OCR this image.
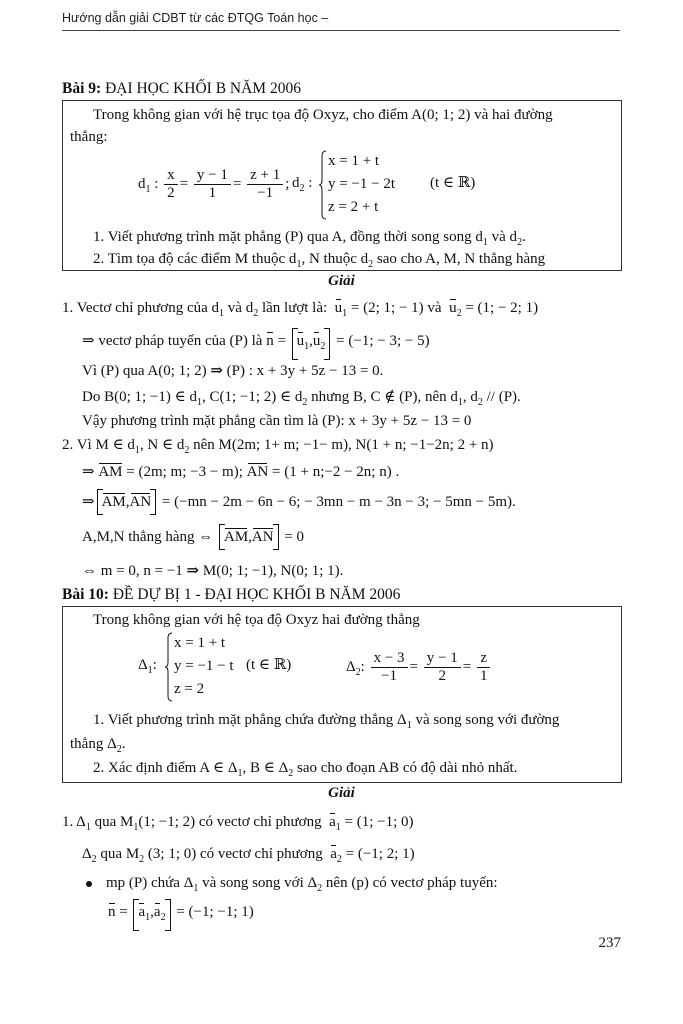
Hướng dẫn giải CDBT từ các ĐTQG Toán học –
Bài 9: ĐẠI HỌC KHỐI B NĂM 2006
Trong không gian với hệ trục tọa độ Oxyz, cho điểm A(0; 1; 2) và hai đường
thẳng:
$d_1$ : $\frac{x}{2} = \frac{y - 1}{1} = \frac{z + 1}{-1}$ ; $d_2$ :
x = 1 + t
y = −1 − 2t
z = 2 + t
(t ∈ ℝ)
1. Viết phương trình mặt phẳng (P) qua A, đồng thời song song $d_1$ và $d_2$.
2. Tìm tọa độ các điểm M thuộc $d_1$, N thuộc $d_2$ sao cho A, M, N thẳng hàng
Giải
1. Vectơ chỉ phương của $d_1$ và $d_2$ lần lượt là: $u_1 = (2$; 1; − 1) và $u_2 = (1$; − 2; 1)
⇒ vectơ pháp tuyến của (P) là $n = u_1,u_2 = (-1$; − 3; − 5)
Vì (P) qua A(0; 1; 2) ⇒ (P) : x + 3y + 5z − 13 = 0.
Do B(0; 1; −1) ∈ $d_1$, C(1; −1; 2) ∈ $d_2$ nhưng B, C ∉ (P), nên $d_1$, $d_2 // (P)$.
Vậy phương trình mặt phẳng cần tìm là (P): x + 3y + 5z − 13 = 0
2. Vì M ∈ $d_1$, N ∈ $d_2$ nên M(2m; 1+ m; −1− m), N(1 + n; −1−2n; 2 + n)
⇒ AM = (2m; m; −3 − m); AN = (1 + n;−2 − 2n; n) .
⇒ AM,AN = (−mn − 2m − 6n − 6; − 3mn − m − 3n − 3; − 5mn − 5m).
A,M,N thẳng hàng ⇔ AM,AN = 0
⇔ m = 0, n = −1 ⇒ M(0; 1; −1), N(0; 1; 1).
Bài 10: ĐỀ DỰ BỊ 1 - ĐẠI HỌC KHỐI B NĂM 2006
Trong không gian với hệ tọa độ Oxyz hai đường thẳng
$\Delta_1$:
x = 1 + t
y = −1 − t
z = 2
(t ∈ ℝ)	$\Delta_2$: $\frac{x - 3}{-1} = \frac{y - 1}{2} = \frac{z}{1}$
1. Viết phương trình mặt phẳng chứa đường thẳng $\Delta_1$ và song song với đường
thẳng $\Delta_2$.
2. Xác định điểm A ∈ $\Delta_1$, B ∈ $\Delta_2$ sao cho đoạn AB có độ dài nhỏ nhất.
Giải
1. $\Delta_1$ qua $M_1(1$; −1; 2) có vectơ chỉ phương $a_1 = (1$; −1; 0)
$\Delta_2$ qua $M_2$ (3; 1; 0) có vectơ chỉ phương $a_2 = (-1$; 2; 1)
mp (P) chứa $\Delta_1$ và song song với $\Delta_2$ nên (p) có vectơ pháp tuyến:
$n = a_1,a_2 = (-1$; −1; 1)
237
